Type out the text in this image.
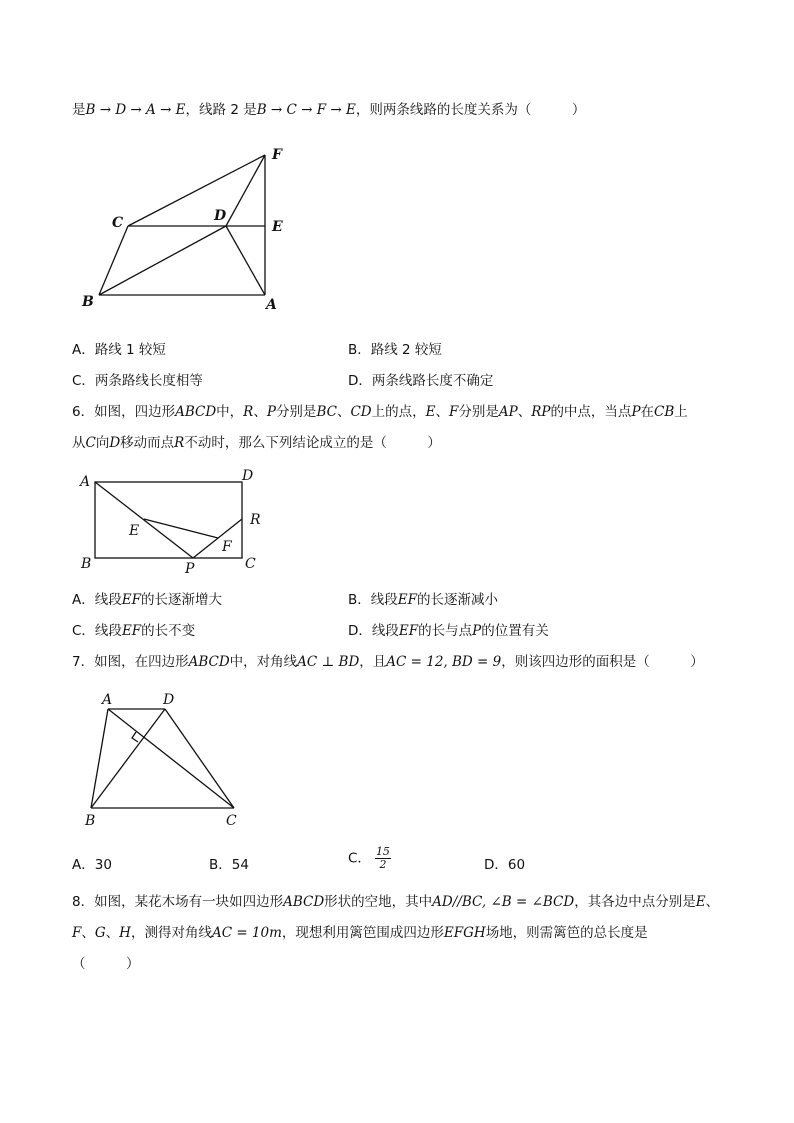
是B → D → A → E，线路 2 是B → C → F → E，则两条线路的长度关系为（　　　）
F
C	D
E
B	A
A	D
R
E
F
B	P	C
A	D
B	C
A．路线 1 较短	B．路线 2 较短
C．两条路线长度相等	D．两条线路长度不确定
6．如图，四边形ABCD中，R、P分别是BC、CD上的点，E、F分别是AP、RP的中点，当点P在CB上
从C向D移动而点R不动时，那么下列结论成立的是（　　　）
A．线段EF的长逐渐增大	B．线段EF的长逐渐减小
C．线段EF的长不变	D．线段EF的长与点P的位置有关
7．如图，在四边形ABCD中，对角线AC ⊥ BD，且AC = 12, BD = 9，则该四边形的面积是（　　　）
A．30	B．54	C． $\frac{15}{2}$	D．60
8．如图，某花木场有一块如四边形ABCD形状的空地，其中AD//BC, ∠B = ∠BCD，其各边中点分别是E、
F、G、H，测得对角线AC = 10m，现想利用篱笆围成四边形EFGH场地，则需篱笆的总长度是
（　　　）
